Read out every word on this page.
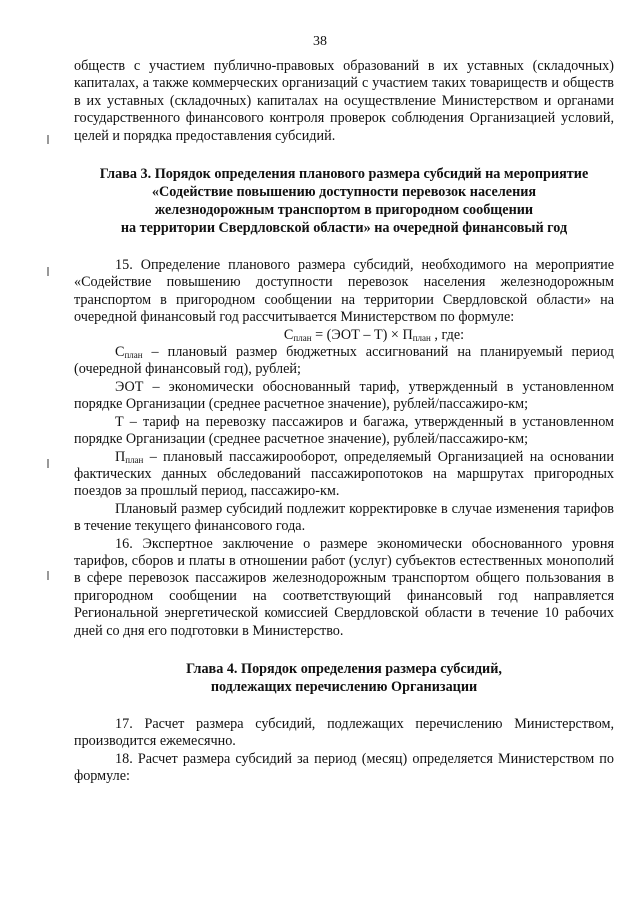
38

обществ с участием публично-правовых образований в их уставных (складочных) капиталах, а также коммерческих организаций с участием таких товариществ и обществ в их уставных (складочных) капиталах на осуществление Министерством и органами государственного финансового контроля проверок соблюдения Организацией условий, целей и порядка предоставления субсидий.

Глава 3. Порядок определения планового размера субсидий на мероприятие

«Содействие повышению доступности перевозок населения

железнодорожным транспортом в пригородном сообщении

на территории Свердловской области» на очередной финансовый год

15. Определение планового размера субсидий, необходимого на мероприятие «Содействие повышению доступности перевозок населения железнодорожным транспортом в пригородном сообщении на территории Свердловской области» на очередной финансовый год рассчитывается Министерством по формуле:

$С_{план} = (ЭОТ - Т) \times П_{план}$ , где:

$С_{план}$ – плановый размер бюджетных ассигнований на планируемый период (очередной финансовый год), рублей;

ЭОТ – экономически обоснованный тариф, утвержденный в установленном порядке Организации (среднее расчетное значение), рублей/пассажиро-км;

Т – тариф на перевозку пассажиров и багажа, утвержденный в установленном порядке Организации (среднее расчетное значение), рублей/пассажиро-км;

$П_{план}$ – плановый пассажирооборот, определяемый Организацией на основании фактических данных обследований пассажиропотоков на маршрутах пригородных поездов за прошлый период, пассажиро-км.

Плановый размер субсидий подлежит корректировке в случае изменения тарифов в течение текущего финансового года.

16. Экспертное заключение о размере экономически обоснованного уровня тарифов, сборов и платы в отношении работ (услуг) субъектов естественных монополий в сфере перевозок пассажиров железнодорожным транспортом общего пользования в пригородном сообщении на соответствующий финансовый год направляется Региональной энергетической комиссией Свердловской области в течение 10 рабочих дней со дня его подготовки в Министерство.

Глава 4. Порядок определения размера субсидий,

подлежащих перечислению Организации

17. Расчет размера субсидий, подлежащих перечислению Министерством, производится ежемесячно.

18. Расчет размера субсидий за период (месяц) определяется Министерством по формуле:
